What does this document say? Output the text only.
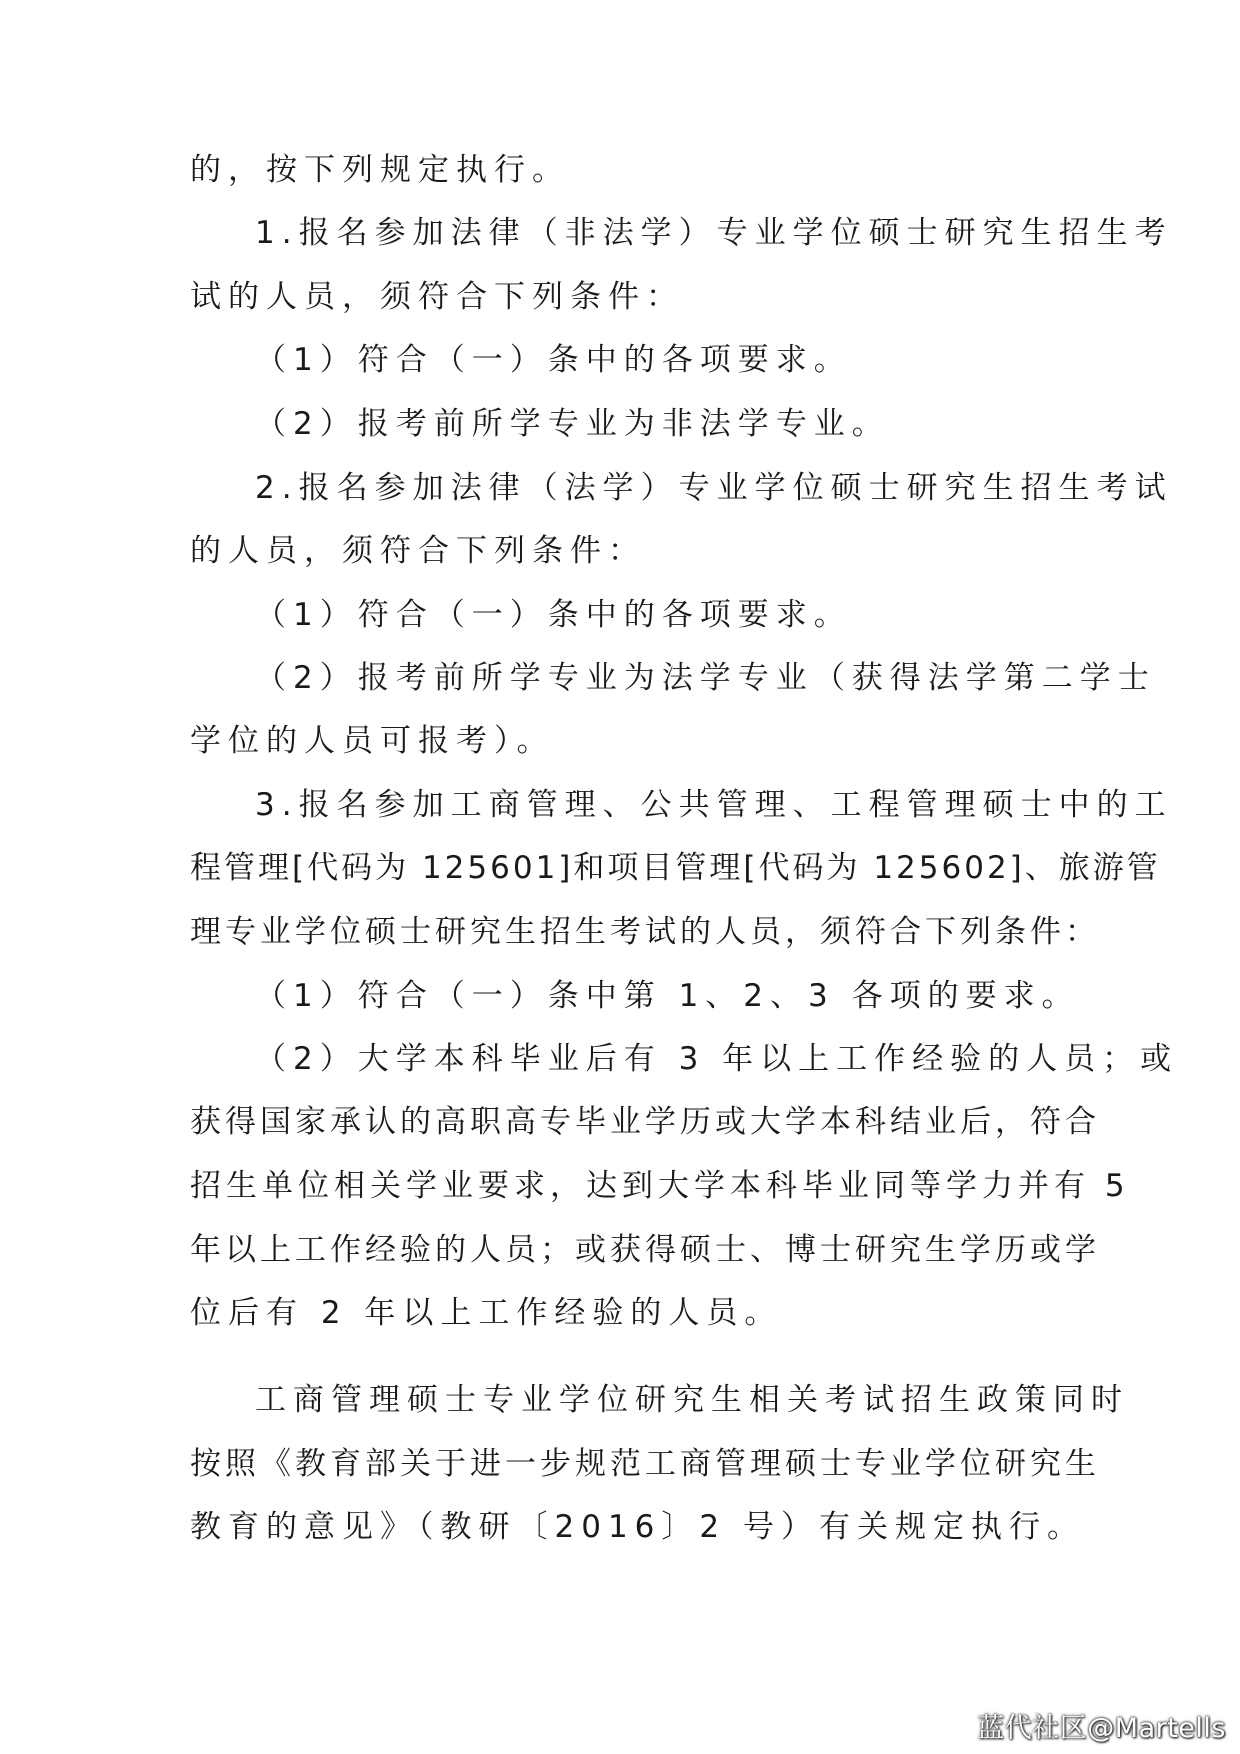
的，按下列规定执行。
1.报名参加法律（非法学）专业学位硕士研究生招生考
试的人员，须符合下列条件：
（1）符合（一）条中的各项要求。
（2）报考前所学专业为非法学专业。
2.报名参加法律（法学）专业学位硕士研究生招生考试
的人员，须符合下列条件：
（1）符合（一）条中的各项要求。
（2）报考前所学专业为法学专业（获得法学第二学士
学位的人员可报考）。
3.报名参加工商管理、公共管理、工程管理硕士中的工
程管理[代码为 125601]和项目管理[代码为 125602]、旅游管
理专业学位硕士研究生招生考试的人员，须符合下列条件：
（1）符合（一）条中第 1、2、3 各项的要求。
（2）大学本科毕业后有 3 年以上工作经验的人员；或
获得国家承认的高职高专毕业学历或大学本科结业后，符合
招生单位相关学业要求，达到大学本科毕业同等学力并有 5
年以上工作经验的人员；或获得硕士、博士研究生学历或学
位后有 2 年以上工作经验的人员。
工商管理硕士专业学位研究生相关考试招生政策同时
按照《教育部关于进一步规范工商管理硕士专业学位研究生
教育的意见》（教研〔2016〕2 号）有关规定执行。
蓝代社区@Martells
